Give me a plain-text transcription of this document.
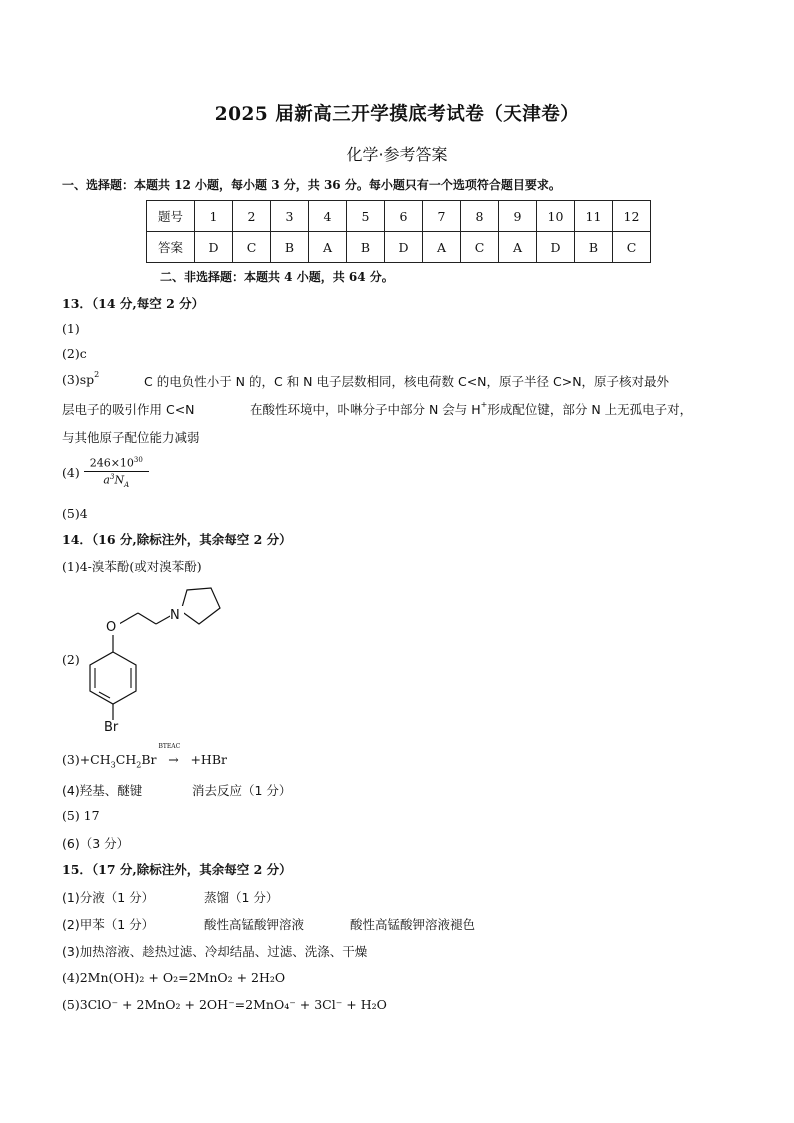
2025 届新高三开学摸底考试卷（天津卷）
化学·参考答案
一、选择题：本题共 12 小题，每小题 3 分，共 36 分。每小题只有一个选项符合题目要求。
题号	1	2	3	4	5	6	7	8	9	10	11	12
答案	D	C	B	A	B	D	A	C	A	D	B	C
二、非选择题：本题共 4 小题，共 64 分。
13．（14 分,每空 2 分）
(1)
(2)c
$(3)sp^2$	C 的电负性小于 N 的，C 和 N 电子层数相同，核电荷数 C<N，原子半径 C>N，原子核对最外
层电子的吸引作用 C<N	在酸性环境中，卟啉分子中部分 N 会与 H+形成配位键，部分 N 上无孤电子对，
与其他原子配位能力减弱
$(4) \frac{246\times 10^{30}}{a^3N_A}$
(5)4
14．（16 分,除标注外，其余每空 2 分）
(1)4-溴苯酚(或对溴苯酚)
O
N
Br
(2)
$(3)+CH_3CH_2Br$
BTEAC
→ +HBr
(4)羟基、醚键	消去反应（1 分）
(5) 17
(6)（3 分）
15．（17 分,除标注外，其余每空 2 分）
(1)分液（1 分）	蒸馏（1 分）
(2)甲苯（1 分）	酸性高锰酸钾溶液	酸性高锰酸钾溶液褪色
(3)加热溶液、趁热过滤、冷却结晶、过滤、洗涤、干燥
(4)2Mn(OH)₂ + O₂=2MnO₂ + 2H₂O
(5)3ClO⁻ + 2MnO₂ + 2OH⁻=2MnO₄⁻ + 3Cl⁻ + H₂O
